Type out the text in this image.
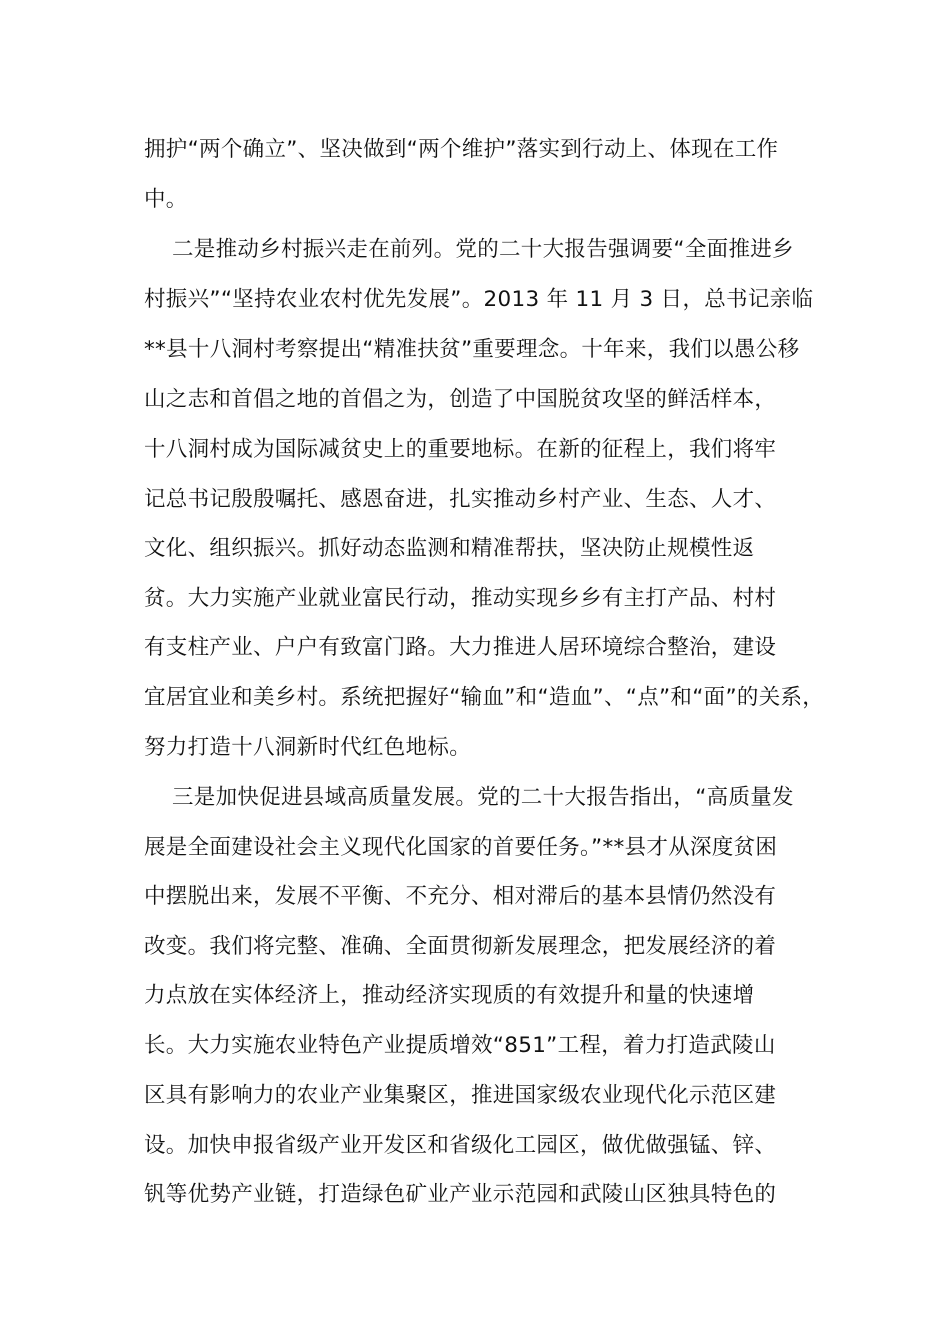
拥护“两个确立”、坚决做到“两个维护”落实到行动上、体现在工作
中。
二是推动乡村振兴走在前列。党的二十大报告强调要“全面推进乡
村振兴”“坚持农业农村优先发展”。2013 年 11 月 3 日，总书记亲临
**县十八洞村考察提出“精准扶贫”重要理念。十年来，我们以愚公移
山之志和首倡之地的首倡之为，创造了中国脱贫攻坚的鲜活样本，
十八洞村成为国际减贫史上的重要地标。在新的征程上，我们将牢
记总书记殷殷嘱托、感恩奋进，扎实推动乡村产业、生态、人才、
文化、组织振兴。抓好动态监测和精准帮扶，坚决防止规模性返
贫。大力实施产业就业富民行动，推动实现乡乡有主打产品、村村
有支柱产业、户户有致富门路。大力推进人居环境综合整治，建设
宜居宜业和美乡村。系统把握好“输血”和“造血”、“点”和“面”的关系，
努力打造十八洞新时代红色地标。
三是加快促进县域高质量发展。党的二十大报告指出，“高质量发
展是全面建设社会主义现代化国家的首要任务。”**县才从深度贫困
中摆脱出来，发展不平衡、不充分、相对滞后的基本县情仍然没有
改变。我们将完整、准确、全面贯彻新发展理念，把发展经济的着
力点放在实体经济上，推动经济实现质的有效提升和量的快速增
长。大力实施农业特色产业提质增效“851”工程，着力打造武陵山
区具有影响力的农业产业集聚区，推进国家级农业现代化示范区建
设。加快申报省级产业开发区和省级化工园区，做优做强锰、锌、
钒等优势产业链，打造绿色矿业产业示范园和武陵山区独具特色的
